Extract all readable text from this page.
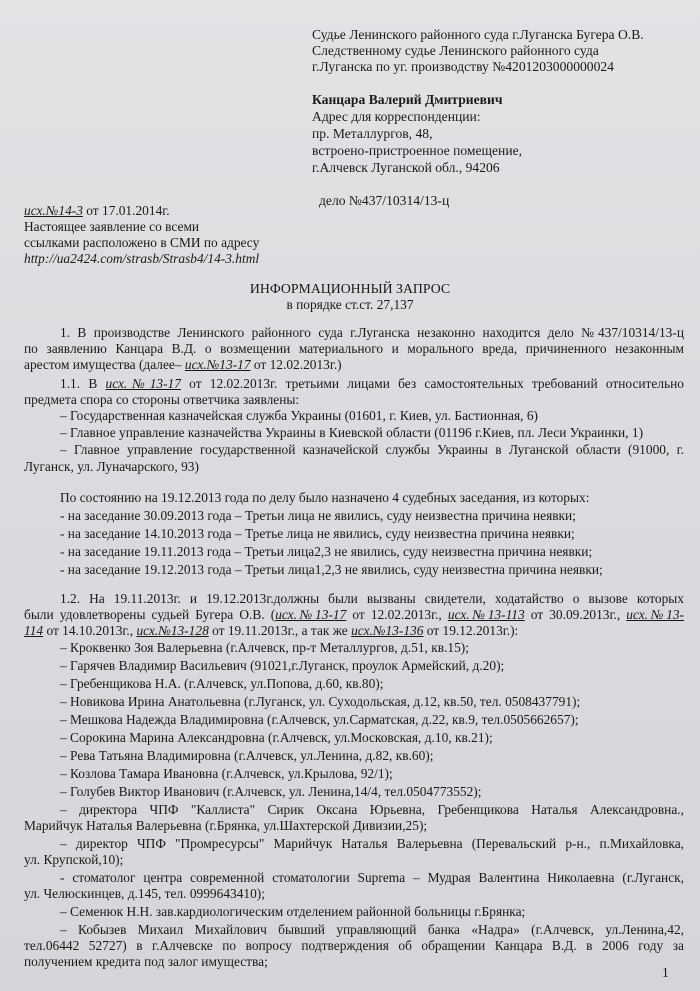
Судье Ленинского районного суда г.Луганска Бугера О.В.
Следственному судье Ленинского районного суда
г.Луганска по уг. производству №4201203000000024
Канцара Валерий Дмитриевич
Адрес для корреспонденции:
пр. Металлургов, 48,
встроено-пристроенное помещение,
г.Алчевск Луганской обл., 94206
дело №437/10314/13-ц
исх.№14-3 от 17.01.2014г.
Настоящее заявление со всеми
ссылками расположено в СМИ по адресу
http://ua2424.com/strasb/Strasb4/14-3.html
ИНФОРМАЦИОННЫЙ ЗАПРОС
в порядке ст.ст. 27,137
1. В производстве Ленинского районного суда г.Луганска незаконно находится дело №437/10314/13-ц
по заявлению Канцара В.Д. о возмещении материального и морального вреда, причиненного незаконным
арестом имущества (далее– исх.№13-17 от 12.02.2013г.)
1.1. В исх.№13-17 от 12.02.2013г. третьими лицами без самостоятельных требований относительно
предмета спора со стороны ответчика заявлены:
– Государственная казначейская служба Украины (01601, г. Киев, ул. Бастионная, 6)
– Главное управление казначейства Украины в Киевской области (01196 г.Киев, пл. Леси Украинки, 1)
– Главное управление государственной казначейской службы Украины в Луганской области (91000, г.
Луганск, ул. Луначарского, 93)
По состоянию на 19.12.2013 года по делу было назначено 4 судебных заседания, из которых:
- на заседание 30.09.2013 года – Третьи лица не явились, суду неизвестна причина неявки;
- на заседание 14.10.2013 года – Третье лица не явились, суду неизвестна причина неявки;
- на заседание 19.11.2013 года – Третьи лица2,3 не явились, суду неизвестна причина неявки;
- на заседание 19.12.2013 года – Третьи лица1,2,3 не явились, суду неизвестна причина неявки;
1.2. На 19.11.2013г. и 19.12.2013г.должны были вызваны свидетели, ходатайство о вызове которых
были удовлетворены судьей Бугера О.В. (исх.№13-17 от 12.02.2013г., исх.№13-113 от 30.09.2013г., исх.№13-
114 от 14.10.2013г., исх.№13-128 от 19.11.2013г., а так же исх.№13-136 от 19.12.2013г.):
– Кроквенко Зоя Валерьевна (г.Алчевск, пр-т Металлургов, д.51, кв.15);
– Гарячев Владимир Васильевич (91021,г.Луганск, проулок Армейский, д.20);
– Гребенщикова Н.А. (г.Алчевск, ул.Попова, д.60, кв.80);
– Новикова Ирина Анатольевна (г.Луганск, ул. Суходольская, д.12, кв.50, тел. 0508437791);
– Мешкова Надежда Владимировна (г.Алчевск, ул.Сарматская, д.22, кв.9, тел.0505662657);
– Сорокина Марина Александровна (г.Алчевск, ул.Московская, д.10, кв.21);
– Рева Татьяна Владимировна (г.Алчевск, ул.Ленина, д.82, кв.60);
– Козлова Тамара Ивановна (г.Алчевск, ул.Крылова, 92/1);
– Голубев Виктор Иванович (г.Алчевск, ул. Ленина,14/4, тел.0504773552);
– директора ЧПФ "Каллиста" Сирик Оксана Юрьевна, Гребенщикова Наталья Александровна.,
Марийчук Наталья Валерьевна (г.Брянка, ул.Шахтерской Дивизии,25);
– директор ЧПФ "Промресурсы" Марийчук Наталья Валерьевна (Перевальский р-н., п.Михайловка,
ул. Крупской,10);
- стоматолог центра современной стоматологии Suprema – Мудрая Валентина Николаевна (г.Луганск,
ул. Челюскинцев, д.145, тел. 0999643410);
– Семенюк Н.Н. зав.кардиологическим отделением районной больницы г.Брянка;
– Кобызев Михаил Михайлович бывший управляющий банка «Надра» (г.Алчевск, ул.Ленина,42,
тел.06442 52727) в г.Алчевске по вопросу подтверждения об обращении Канцара В.Д. в 2006 году за
получением кредита под залог имущества;
1
